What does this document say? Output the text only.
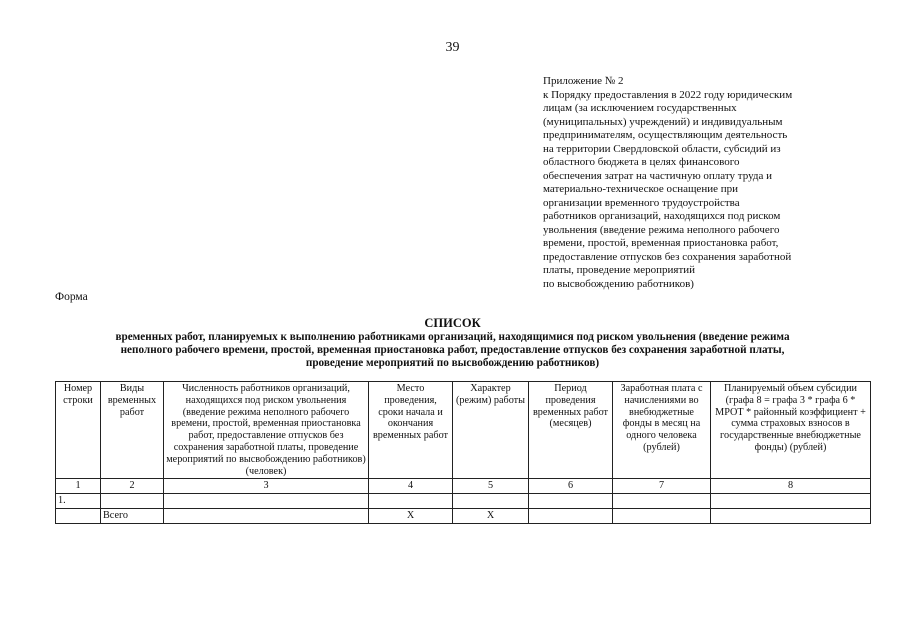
39
Приложение № 2
к Порядку предоставления в 2022 году юридическим
лицам (за исключением государственных
(муниципальных) учреждений) и индивидуальным
предпринимателям, осуществляющим деятельность
на территории Свердловской области, субсидий из
областного бюджета в целях финансового
обеспечения затрат на частичную оплату труда и
материально-техническое оснащение при
организации временного трудоустройства
работников организаций, находящихся под риском
увольнения (введение режима неполного рабочего
времени, простой, временная приостановка работ,
предоставление отпусков без сохранения заработной
платы, проведение мероприятий
по высвобождению работников)
Форма
СПИСОК
временных работ, планируемых к выполнению работниками организаций, находящимися под риском увольнения (введение режима
неполного рабочего времени, простой, временная приостановка работ, предоставление отпусков без сохранения заработной платы,
проведение мероприятий по высвобождению работников)
Номер строки	Виды временных работ	Численность работников организаций, находящихся под риском увольнения (введение режима неполного рабочего времени, простой, временная приостановка работ, предоставление отпусков без сохранения заработной платы, проведение мероприятий по высвобождению работников) (человек)	Место проведения, сроки начала и окончания временных работ	Характер (режим) работы	Период проведения временных работ (месяцев)	Заработная плата с начислениями во внебюджетные фонды в месяц на одного человека (рублей)	Планируемый объем субсидии (графа 8 = графа 3 * графа 6 * МРОТ * районный коэффициент + сумма страховых взносов в государственные внебюджетные фонды) (рублей)
1	2	3	4	5	6	7	8
1.							
	Всего		Х	Х			
